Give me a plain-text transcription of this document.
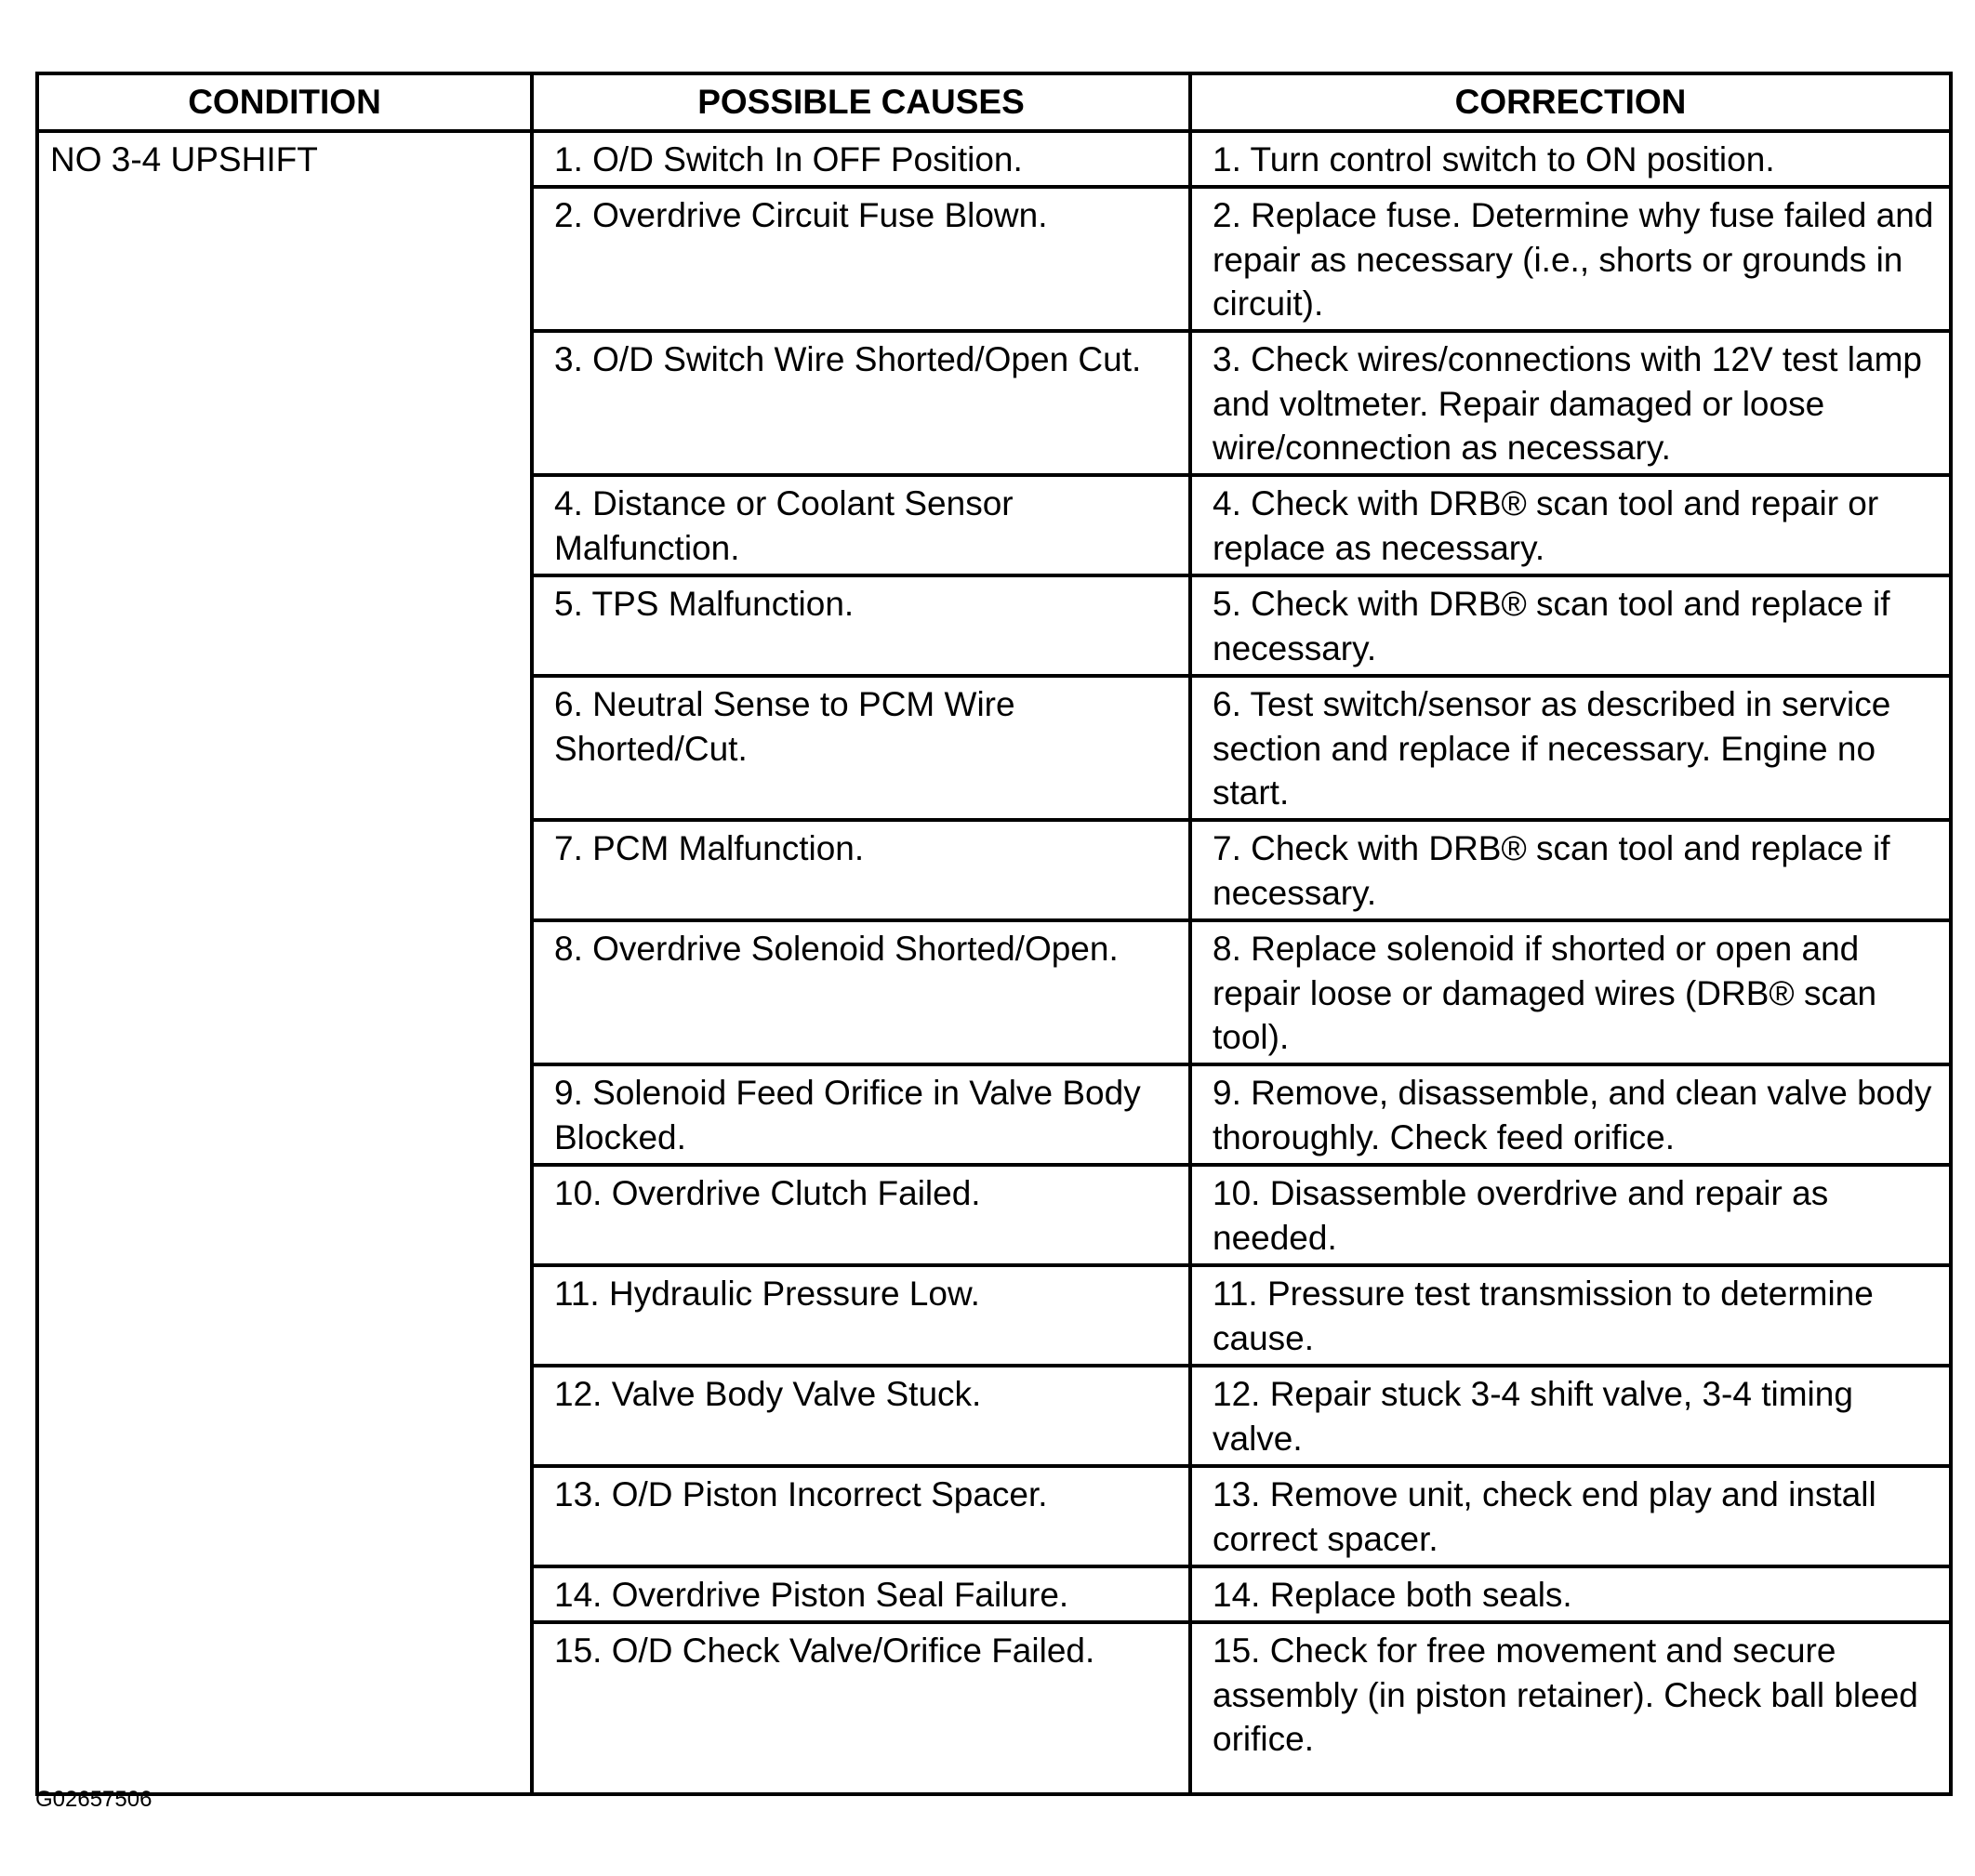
CONDITION	POSSIBLE CAUSES	CORRECTION
NO 3-4 UPSHIFT	1. O/D Switch In OFF Position.	1. Turn control switch to ON position.
	2. Overdrive Circuit Fuse Blown.	2. Replace fuse. Determine why fuse failed and repair as necessary (i.e., shorts or grounds in circuit).
	3. O/D Switch Wire Shorted/Open Cut.	3. Check wires/connections with 12V test lamp and voltmeter. Repair damaged or loose wire/connection as necessary.
	4. Distance or Coolant Sensor Malfunction.	4. Check with DRB® scan tool and repair or replace as necessary.
	5. TPS Malfunction.	5. Check with DRB® scan tool and replace if necessary.
	6. Neutral Sense to PCM Wire Shorted/Cut.	6. Test switch/sensor as described in service section and replace if necessary. Engine no start.
	7. PCM Malfunction.	7. Check with DRB® scan tool and replace if necessary.
	8. Overdrive Solenoid Shorted/Open.	8. Replace solenoid if shorted or open and repair loose or damaged wires (DRB® scan tool).
	9. Solenoid Feed Orifice in Valve Body Blocked.	9. Remove, disassemble, and clean valve body thoroughly. Check feed orifice.
	10. Overdrive Clutch Failed.	10. Disassemble overdrive and repair as needed.
	11. Hydraulic Pressure Low.	11. Pressure test transmission to determine cause.
	12. Valve Body Valve Stuck.	12. Repair stuck 3-4 shift valve, 3-4 timing valve.
	13. O/D Piston Incorrect Spacer.	13. Remove unit, check end play and install correct spacer.
	14. Overdrive Piston Seal Failure.	14. Replace both seals.
	15. O/D Check Valve/Orifice Failed.	15. Check for free movement and secure assembly (in piston retainer). Check ball bleed orifice.
G02657506
